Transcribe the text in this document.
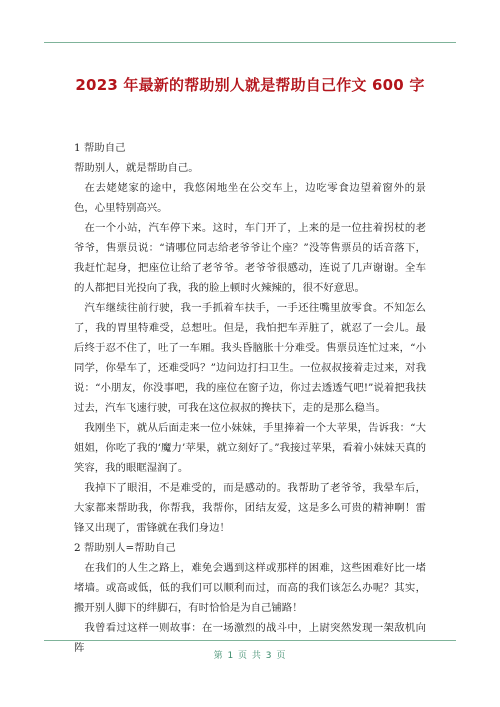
2023 年最新的帮助别人就是帮助自己作文 600 字

1 帮助自己

帮助别人，就是帮助自己。

在去姥姥家的途中，我悠闲地坐在公交车上，边吃零食边望着窗外的景色，心里特别高兴。

在一个小站，汽车停下来。这时，车门开了，上来的是一位拄着拐杖的老爷爷，售票员说：“请哪位同志给老爷爷让个座？”没等售票员的话音落下，我赶忙起身，把座位让给了老爷爷。老爷爷很感动，连说了几声谢谢。全车的人都把目光投向了我，我的脸上顿时火辣辣的，很不好意思。

汽车继续往前行驶，我一手抓着车扶手，一手还往嘴里放零食。不知怎么了，我的胃里特难受，总想吐。但是，我怕把车弄脏了，就忍了一会儿。最后终于忍不住了，吐了一车厢。我头昏脑胀十分难受。售票员连忙过来，“小同学，你晕车了，还难受吗？”边问边打扫卫生。一位叔叔接着走过来，对我说：“小朋友，你没事吧，我的座位在窗子边，你过去透透气吧!”说着把我扶过去，汽车飞速行驶，可我在这位叔叔的搀扶下，走的是那么稳当。

我刚坐下，就从后面走来一位小妹妹，手里捧着一个大苹果，告诉我：“大姐姐，你吃了我的‘魔力’苹果，就立刻好了。”我接过苹果，看着小妹妹天真的笑容，我的眼眶湿润了。

我掉下了眼泪，不是难受的，而是感动的。我帮助了老爷爷，我晕车后，大家都来帮助我，你帮我，我帮你，团结友爱，这是多么可贵的精神啊！雷锋又出现了，雷锋就在我们身边！

2 帮助别人=帮助自己

在我们的人生之路上，难免会遇到这样或那样的困难，这些困难好比一堵堵墙。或高或低，低的我们可以顺利而过，而高的我们该怎么办呢？其实，搬开别人脚下的绊脚石，有时恰恰是为自己铺路！

我曾看过这样一则故事：在一场激烈的战斗中，上尉突然发现一架敌机向阵

第 1 页 共 3 页
